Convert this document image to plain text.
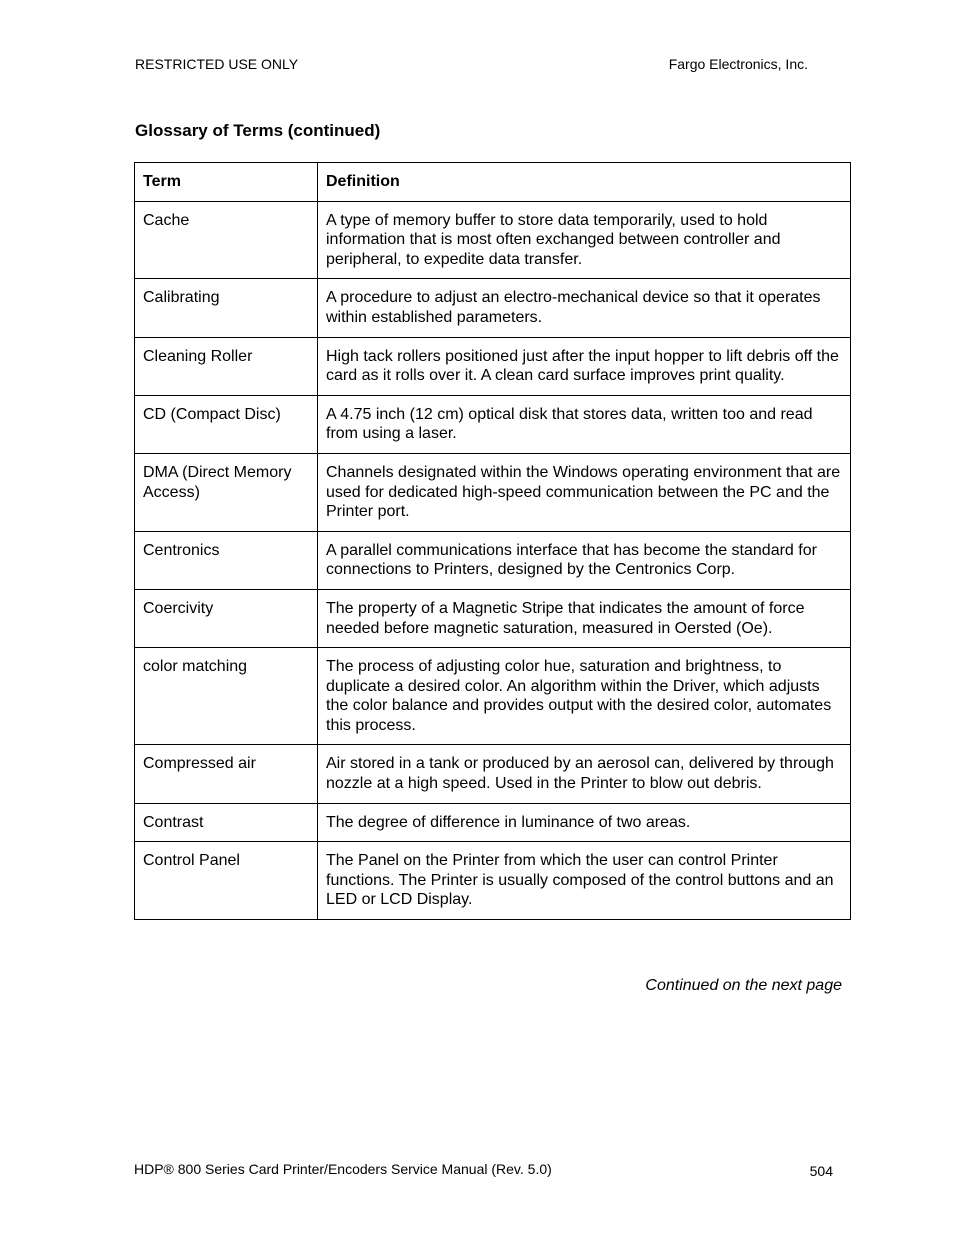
RESTRICTED USE ONLY	Fargo Electronics, Inc.
Glossary of Terms (continued)
Term	Definition
Cache	A type of memory buffer to store data temporarily, used to hold information that is most often exchanged between controller and peripheral, to expedite data transfer.
Calibrating	A procedure to adjust an electro-mechanical device so that it operates within established parameters.
Cleaning Roller	High tack rollers positioned just after the input hopper to lift debris off the card as it rolls over it. A clean card surface improves print quality.
CD (Compact Disc)	A 4.75 inch (12 cm) optical disk that stores data, written too and read from using a laser.
DMA (Direct Memory Access)	Channels designated within the Windows operating environment that are used for dedicated high-speed communication between the PC and the Printer port.
Centronics	A parallel communications interface that has become the standard for connections to Printers, designed by the Centronics Corp.
Coercivity	The property of a Magnetic Stripe that indicates the amount of force needed before magnetic saturation, measured in Oersted (Oe).
color matching	The process of adjusting color hue, saturation and brightness, to duplicate a desired color. An algorithm within the Driver, which adjusts the color balance and provides output with the desired color, automates this process.
Compressed air	Air stored in a tank or produced by an aerosol can, delivered by through nozzle at a high speed. Used in the Printer to blow out debris.
Contrast	The degree of difference in luminance of two areas.
Control Panel	The Panel on the Printer from which the user can control Printer functions. The Printer is usually composed of the control buttons and an LED or LCD Display.
Continued on the next page
HDP® 800 Series Card Printer/Encoders Service Manual (Rev. 5.0)	504
